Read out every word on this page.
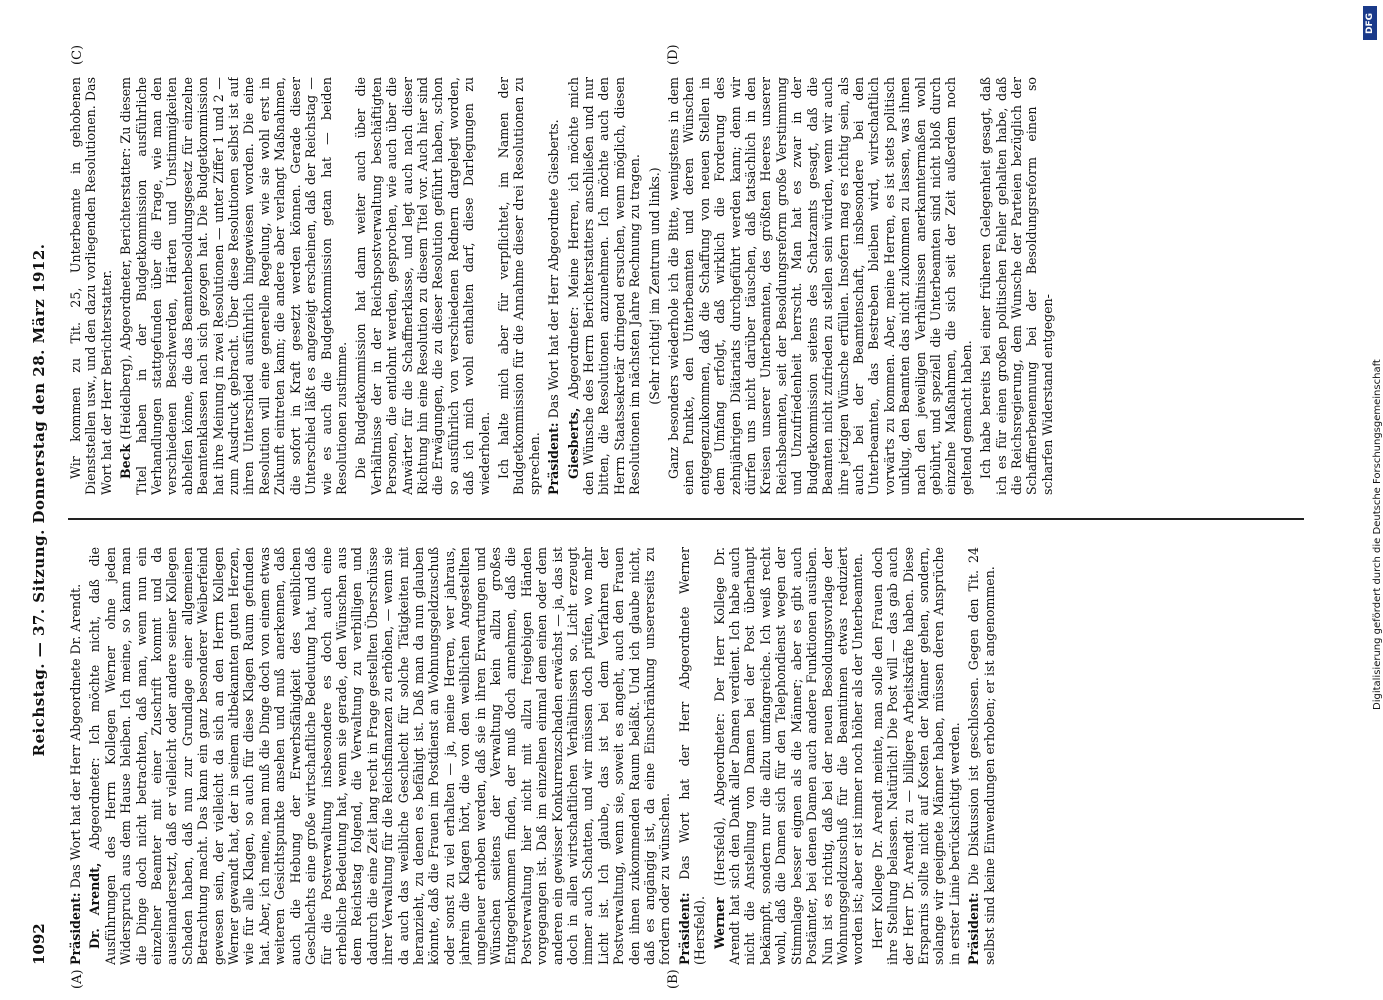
1092
Reichstag. — 37. Sitzung. Donnerstag den 28. März 1912.
(A)	(B)
(C)	(D)

Präsident: Das Wort hat der Herr Abgeordnete Dr. Arendt.

Dr. Arendt, Abgeordneter: Ich möchte nicht, daß die Ausführungen des Herrn Kollegen Werner ohne jeden Widerspruch aus dem Hause bleiben. Ich meine, so kann man die Dinge doch nicht betrachten, daß man, wenn nun ein einzelner Beamter mit einer Zuschrift kommt und da auseinandersetzt, daß er vielleicht oder andere seiner Kollegen Schaden haben, daß nun zur Grundlage einer allgemeinen Betrachtung macht. Das kann ein ganz besonderer Weiberfeind gewesen sein, der vielleicht da sich an den Herrn Kollegen Werner gewandt hat, der in seinem altbekannten guten Herzen, wie für alle Klagen, so auch für diese Klagen Raum gefunden hat. Aber, ich meine, man muß die Dinge doch von einem etwas weiteren Gesichtspunkte ansehen und muß anerkennen, daß auch die Hebung der Erwerbsfähigkeit des weiblichen Geschlechts eine große wirtschaftliche Bedeutung hat, und daß für die Postverwaltung insbesondere es doch auch eine erhebliche Bedeutung hat, wenn sie gerade, den Wünschen aus dem Reichstag folgend, die Verwaltung zu verbilligen und dadurch die eine Zeit lang recht in Frage gestellten Überschüsse ihrer Verwaltung für die Reichsfinanzen zu erhöhen, — wenn sie da auch das weibliche Geschlecht für solche Tätigkeiten mit heranzieht, zu denen es befähigt ist. Daß man da nun glauben könnte, daß die Frauen im Postdienst an Wohnungsgeldzuschuß oder sonst zu viel erhalten — ja, meine Herren, wer jahraus, jahrein die Klagen hört, die von den weiblichen Angestellten ungeheuer erhoben werden, daß sie in ihren Erwartungen und Wünschen seitens der Verwaltung kein allzu großes Entgegenkommen finden, der muß doch annehmen, daß die Postverwaltung hier nicht mit allzu freigebigen Händen vorgegangen ist. Daß im einzelnen einmal dem einen oder dem anderen ein gewisser Konkurrenzschaden erwächst — ja, das ist doch in allen wirtschaftlichen Verhältnissen so. Licht erzeugt immer auch Schatten, und wir müssen doch prüfen, wo mehr Licht ist. Ich glaube, das ist bei dem Verfahren der Postverwaltung, wenn sie, soweit es angeht, auch den Frauen den ihnen zukommenden Raum beläßt. Und ich glaube nicht, daß es angängig ist, da eine Einschränkung unsererseits zu fordern oder zu wünschen. Präsident: Das Wort hat der Herr Abgeordnete Werner (Hersfeld). Werner (Hersfeld), Abgeordneter: Der Herr Kollege Dr. Arendt hat sich den Dank aller Damen verdient. Ich habe auch nicht die Anstellung von Damen bei der Post überhaupt bekämpft, sondern nur die allzu umfangreiche. Ich weiß recht wohl, daß die Damen sich für den Telephondienst wegen der Stimmlage besser eignen als die Männer; aber es gibt auch Postämter, bei denen Damen auch andere Funktionen ausüben. Nun ist es richtig, daß bei der neuen Besoldungsvorlage der Wohnungsgeldzuschuß für die Beamtinnen etwas reduziert worden ist; aber er ist immer noch höher als der Unterbeamten. Herr Kollege Dr. Arendt meinte, man solle den Frauen doch ihre Stellung belassen. Natürlich! Die Post will — das gab auch der Herr Dr. Arendt zu — billigere Arbeitskräfte haben. Diese Ersparnis sollte nicht auf Kosten der Männer gehen, sondern, solange wir geeignete Männer haben, müssen deren Ansprüche in erster Linie berücksichtigt werden. Präsident: Die Diskussion ist geschlossen. Gegen den Tit. 24 selbst sind keine Einwendungen erhoben; er ist angenommen.

Wir kommen zu Tit. 25, Unterbeamte in gehobenen Dienststellen usw., und den dazu vorliegenden Resolutionen. Das Wort hat der Herr Berichterstatter. Beck (Heidelberg), Abgeordneter, Berichterstatter: Zu diesem Titel haben in der Budgetkommission ausführliche Verhandlungen stattgefunden über die Frage, wie man den verschiedenen Beschwerden, Härten und Unstimmigkeiten abhelfen könne, die das Beamtenbesoldungsgesetz für einzelne Beamtenklassen nach sich gezogen hat. Die Budgetkommission hat ihre Meinung in zwei Resolutionen — unter Ziffer 1 und 2 — zum Ausdruck gebracht. Über diese Resolutionen selbst ist auf ihren Unterschied ausführlich hingewiesen worden. Die eine Resolution will eine generelle Regelung, wie sie wohl erst in Zukunft eintreten kann; die andere aber verlangt Maßnahmen, die sofort in Kraft gesetzt werden können. Gerade dieser Unterschied läßt es angezeigt erscheinen, daß der Reichstag — wie es auch die Budgetkommission getan hat — beiden Resolutionen zustimme. Die Budgetkommission hat dann weiter auch über die Verhältnisse der in der Reichspostverwaltung beschäftigten Personen, die entlohnt werden, gesprochen, wie auch über die Anwärter für die Schaffnerklasse, und legt auch nach dieser Richtung hin eine Resolution zu diesem Titel vor. Auch hier sind die Erwägungen, die zu dieser Resolution geführt haben, schon so ausführlich von verschiedenen Rednern dargelegt worden, daß ich mich wohl enthalten darf, diese Darlegungen zu wiederholen. Ich halte mich aber für verpflichtet, im Namen der Budgetkommission für die Annahme dieser drei Resolutionen zu sprechen. Präsident: Das Wort hat der Herr Abgeordnete Giesberts.

Giesberts, Abgeordneter: Meine Herren, ich möchte mich den Wünsche des Herrn Berichterstatters anschließen und nur bitten, die Resolutionen anzunehmen. Ich möchte auch den Herrn Staatssekretär dringend ersuchen, wenn möglich, diesen Resolutionen im nächsten Jahre Rechnung zu tragen. (Sehr richtig! im Zentrum und links.) Ganz besonders wiederhole ich die Bitte, wenigstens in dem einen Punkte, den Unterbeamten und deren Wünschen entgegenzukommen, daß die Schaffung von neuen Stellen in dem Umfang erfolgt, daß wirklich die Forderung des zehnjährigen Diätariats durchgeführt werden kann; denn wir dürfen uns nicht darüber täuschen, daß tatsächlich in den Kreisen unserer Unterbeamten, des größten Heeres unserer Reichsbeamten, seit der Besoldungsreform große Verstimmung und Unzufriedenheit herrscht. Man hat es zwar in der Budgetkommission seitens des Schatzamts gesagt, daß die Beamten nicht zufrieden zu stellen sein würden, wenn wir auch ihre jetzigen Wünsche erfüllen. Insofern mag es richtig sein, als auch bei der Beamtenschaft, insbesondere bei den Unterbeamten, das Bestreben bleiben wird, wirtschaftlich vorwärts zu kommen. Aber, meine Herren, es ist stets politisch unklug, den Beamten das nicht zukommen zu lassen, was ihnen nach den jeweiligen Verhältnissen anerkanntermaßen wohl gebührt, und speziell die Unterbeamten sind nicht bloß durch einzelne Maßnahmen, die sich seit der Zeit außerdem noch geltend gemacht haben. Ich habe bereits bei einer früheren Gelegenheit gesagt, daß ich es für einen großen politischen Fehler gehalten habe, daß die Reichsregierung, dem Wunsche der Parteien bezüglich der Schaffnerbenennung bei der Besoldungsreform einen so scharfen Widerstand entgegen-

DFG
Digitalisierung gefördert durch die Deutsche Forschungsgemeinschaft
